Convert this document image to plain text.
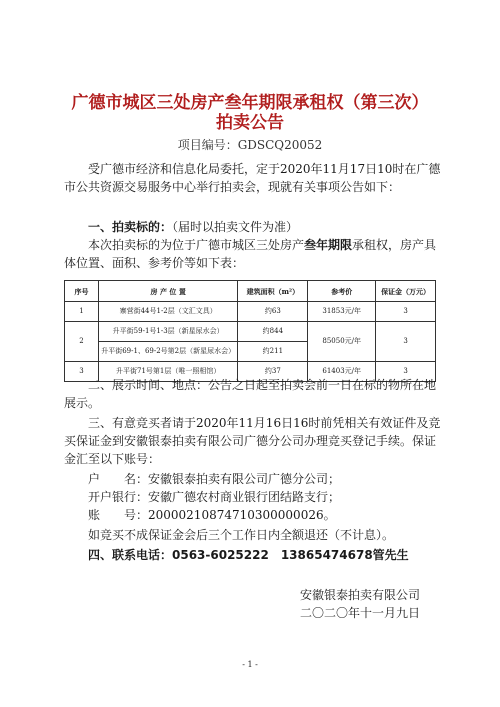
广德市城区三处房产叁年期限承租权（第三次）
拍卖公告
项目编号：GDSCQ20052
受广德市经济和信息化局委托，定于2020年11月17日10时在广德市公共资源交易服务中心举行拍卖会，现就有关事项公告如下：
一、拍卖标的：（届时以拍卖文件为准）
本次拍卖标的为位于广德市城区三处房产叁年期限承租权，房产具体位置、面积、参考价等如下表：
序号	房 产 位 置	建筑面积（m²）	参考价	保证金（万元）
1	寨营街44号1-2层（文汇文具）	约63	31853元/年	3
2	升平街59-1号1-3层（新星尿水会）	约844	85050元/年	3
	升平街69-1、69-2号第2层（新星尿水会）	约211		
3	升平街71号第1层（唯一照相馆）	约37	61403元/年	3
二、展示时间、地点：公告之日起至拍卖会前一日在标的物所在地展示。
三、有意竞买者请于2020年11月16日16时前凭相关有效证件及竞买保证金到安徽银泰拍卖有限公司广德分公司办理竞买登记手续。保证金汇至以下账号：
户　　名：安徽银泰拍卖有限公司广德分公司；
开户银行：安徽广德农村商业银行团结路支行；
账　　号：20000210874710300000026。
如竞买不成保证金会后三个工作日内全额退还（不计息）。
四、联系电话：0563-6025222　13865474678管先生
安徽银泰拍卖有限公司
二〇二〇年十一月九日
- 1 -
